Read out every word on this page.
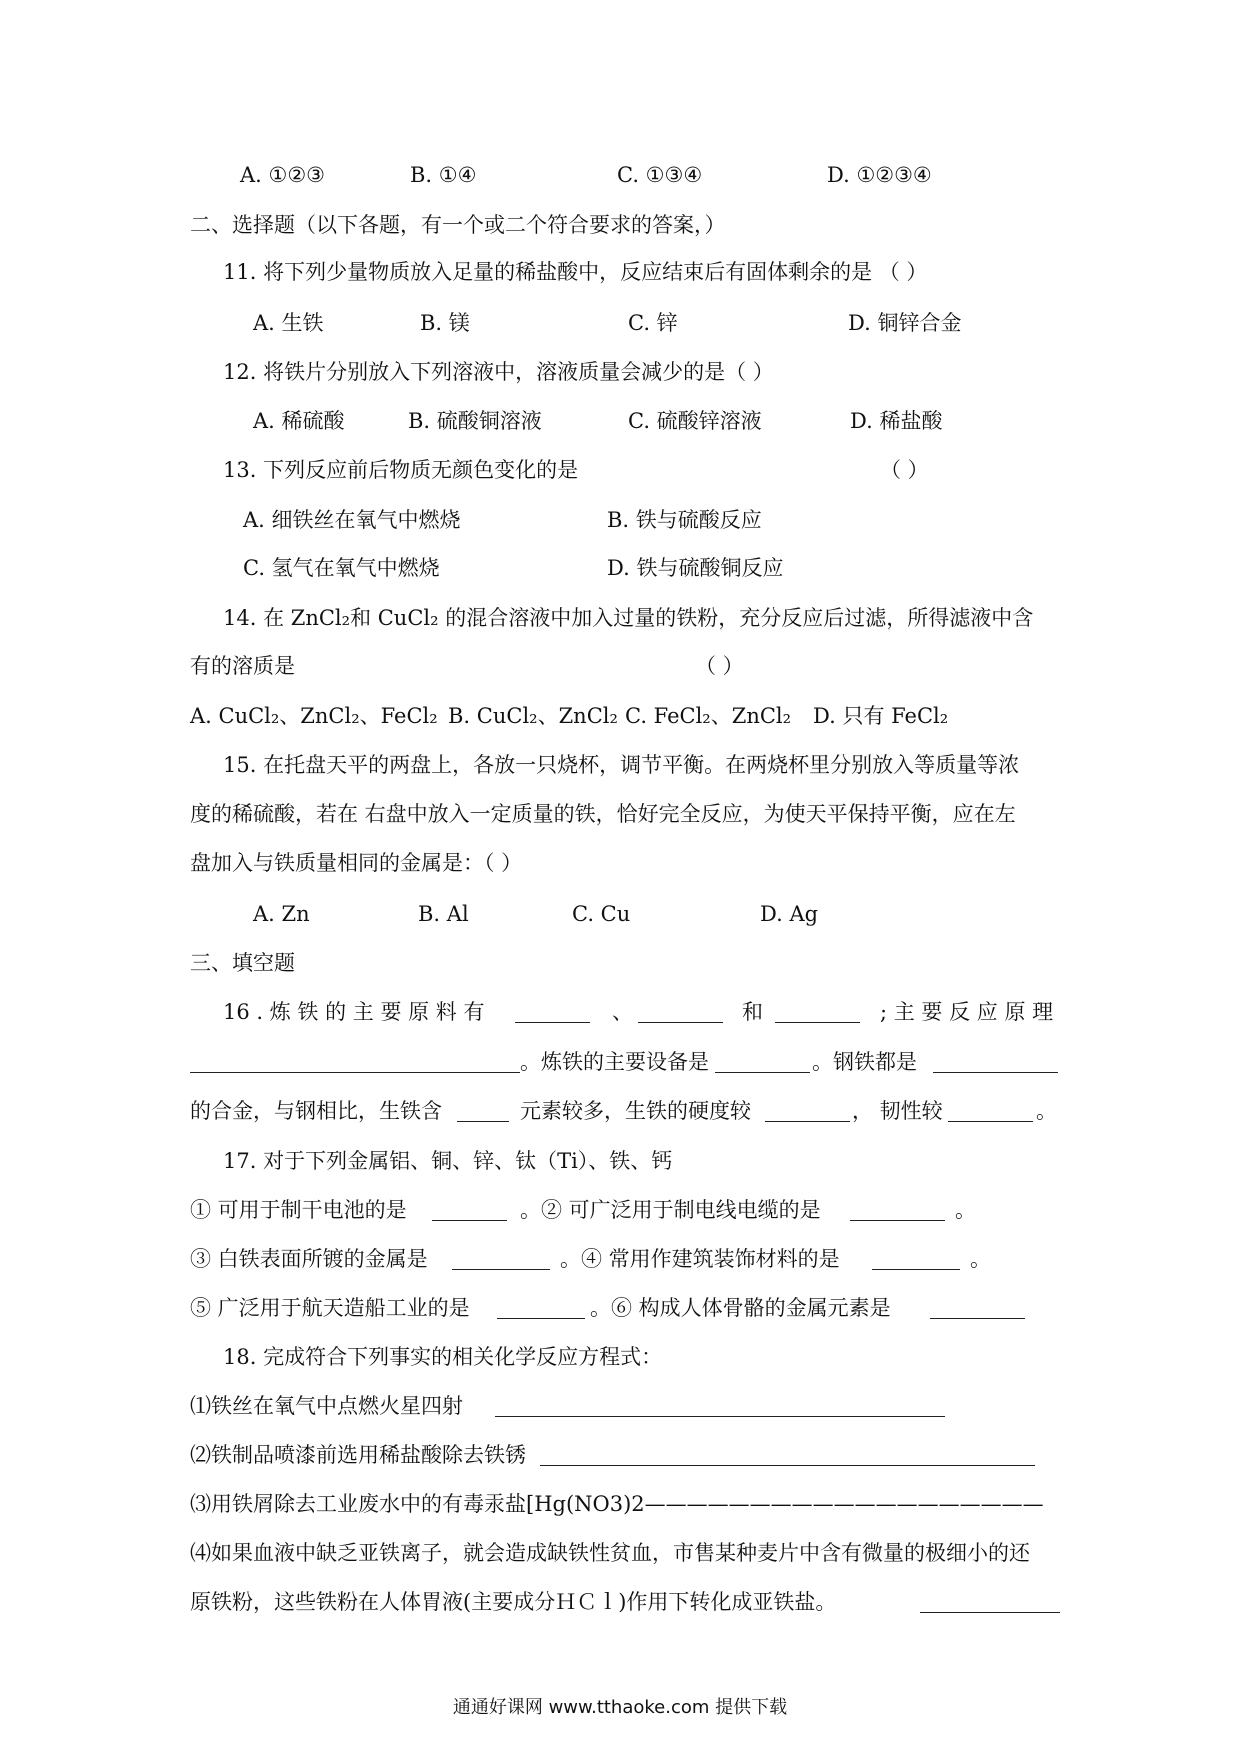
A. ①②③	B. ①④	C. ①③④	D. ①②③④
二、选择题（以下各题，有一个或二个符合要求的答案，）
11. 将下列少量物质放入足量的稀盐酸中，反应结束后有固体剩余的是 （ ）
A. 生铁	B. 镁	C. 锌	D. 铜锌合金
12. 将铁片分别放入下列溶液中，溶液质量会减少的是（ ）
A. 稀硫酸	B. 硫酸铜溶液	C. 硫酸锌溶液	D. 稀盐酸
13. 下列反应前后物质无颜色变化的是	（ ）
A. 细铁丝在氧气中燃烧	B. 铁与硫酸反应
C. 氢气在氧气中燃烧	D. 铁与硫酸铜反应
14. 在 ZnCl₂和 CuCl₂ 的混合溶液中加入过量的铁粉，充分反应后过滤，所得滤液中含
有的溶质是	（ ）
A. CuCl₂、ZnCl₂、FeCl₂ B. CuCl₂、ZnCl₂ C. FeCl₂、ZnCl₂ D. 只有 FeCl₂
15. 在托盘天平的两盘上，各放一只烧杯，调节平衡。在两烧杯里分别放入等质量等浓
度的稀硫酸，若在 右盘中放入一定质量的铁，恰好完全反应，为使天平保持平衡，应在左
盘加入与铁质量相同的金属是：（ ）
A. Zn	B. Al	C. Cu	D. Ag
三、填空题
16 . 炼 铁 的 主 要 原 料 有	、	和	; 主 要 反 应 原 理
。炼铁的主要设备是	。钢铁都是
的合金，与钢相比，生铁含	元素较多，生铁的硬度较	， 韧性较	。
17. 对于下列金属铝、铜、锌、钛（Ti）、铁、钙
① 可用于制干电池的是	。② 可广泛用于制电线电缆的是	。
③ 白铁表面所镀的金属是	。④ 常用作建筑装饰材料的是	。
⑤ 广泛用于航天造船工业的是	。⑥ 构成人体骨骼的金属元素是
18. 完成符合下列事实的相关化学反应方程式：
⑴铁丝在氧气中点燃火星四射
⑵铁制品喷漆前选用稀盐酸除去铁锈
⑶用铁屑除去工业废水中的有毒汞盐[Hg(NO3)2———————————————————
⑷如果血液中缺乏亚铁离子，就会造成缺铁性贫血，市售某种麦片中含有微量的极细小的还
原铁粉，这些铁粉在人体胃液(主要成分ＨＣｌ)作用下转化成亚铁盐。
通通好课网 www.tthaoke.com 提供下载
